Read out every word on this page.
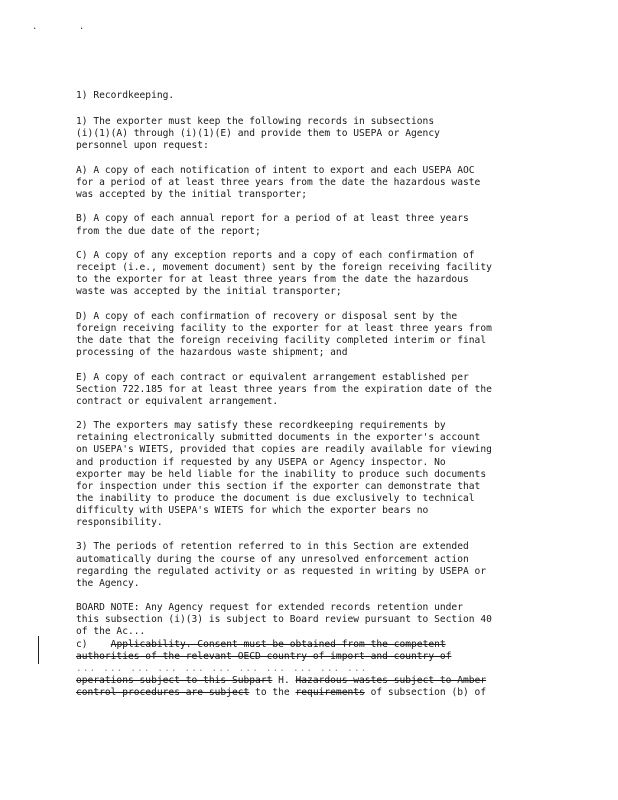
. .
1) Recordkeeping.
1) The exporter must keep the following records in subsections
(i)(1)(A) through (i)(1)(E) and provide them to USEPA or Agency
personnel upon request:
A) A copy of each notification of intent to export and each USEPA AOC
for a period of at least three years from the date the hazardous waste
was accepted by the initial transporter;
B) A copy of each annual report for a period of at least three years
from the due date of the report;
C) A copy of any exception reports and a copy of each confirmation of
receipt (i.e., movement document) sent by the foreign receiving facility
to the exporter for at least three years from the date the hazardous
waste was accepted by the initial transporter;
D) A copy of each confirmation of recovery or disposal sent by the
foreign receiving facility to the exporter for at least three years from
the date that the foreign receiving facility completed interim or final
processing of the hazardous waste shipment; and
E) A copy of each contract or equivalent arrangement established per
Section 722.185 for at least three years from the expiration date of the
contract or equivalent arrangement.
2) The exporters may satisfy these recordkeeping requirements by
retaining electronically submitted documents in the exporter's account
on USEPA's WIETS, provided that copies are readily available for viewing
and production if requested by any USEPA or Agency inspector. No
exporter may be held liable for the inability to produce such documents
for inspection under this section if the exporter can demonstrate that
the inability to produce the document is due exclusively to technical
difficulty with USEPA's WIETS for which the exporter bears no
responsibility.
3) The periods of retention referred to in this Section are extended
automatically during the course of any unresolved enforcement action
regarding the regulated activity or as requested in writing by USEPA or
the Agency.
BOARD NOTE: Any Agency request for extended records retention under
this subsection (i)(3) is subject to Board review pursuant to Section 40
of the Ac...
c) Applicability. Consent must be obtained from the competent
authorities of the relevant OECD country of import and country of
... ... ... ... ... ... ... ... ... ... ...
operations subject to this Subpart H. Hazardous wastes subject to Amber
control procedures are subject to the requirements of subsection (b) of
